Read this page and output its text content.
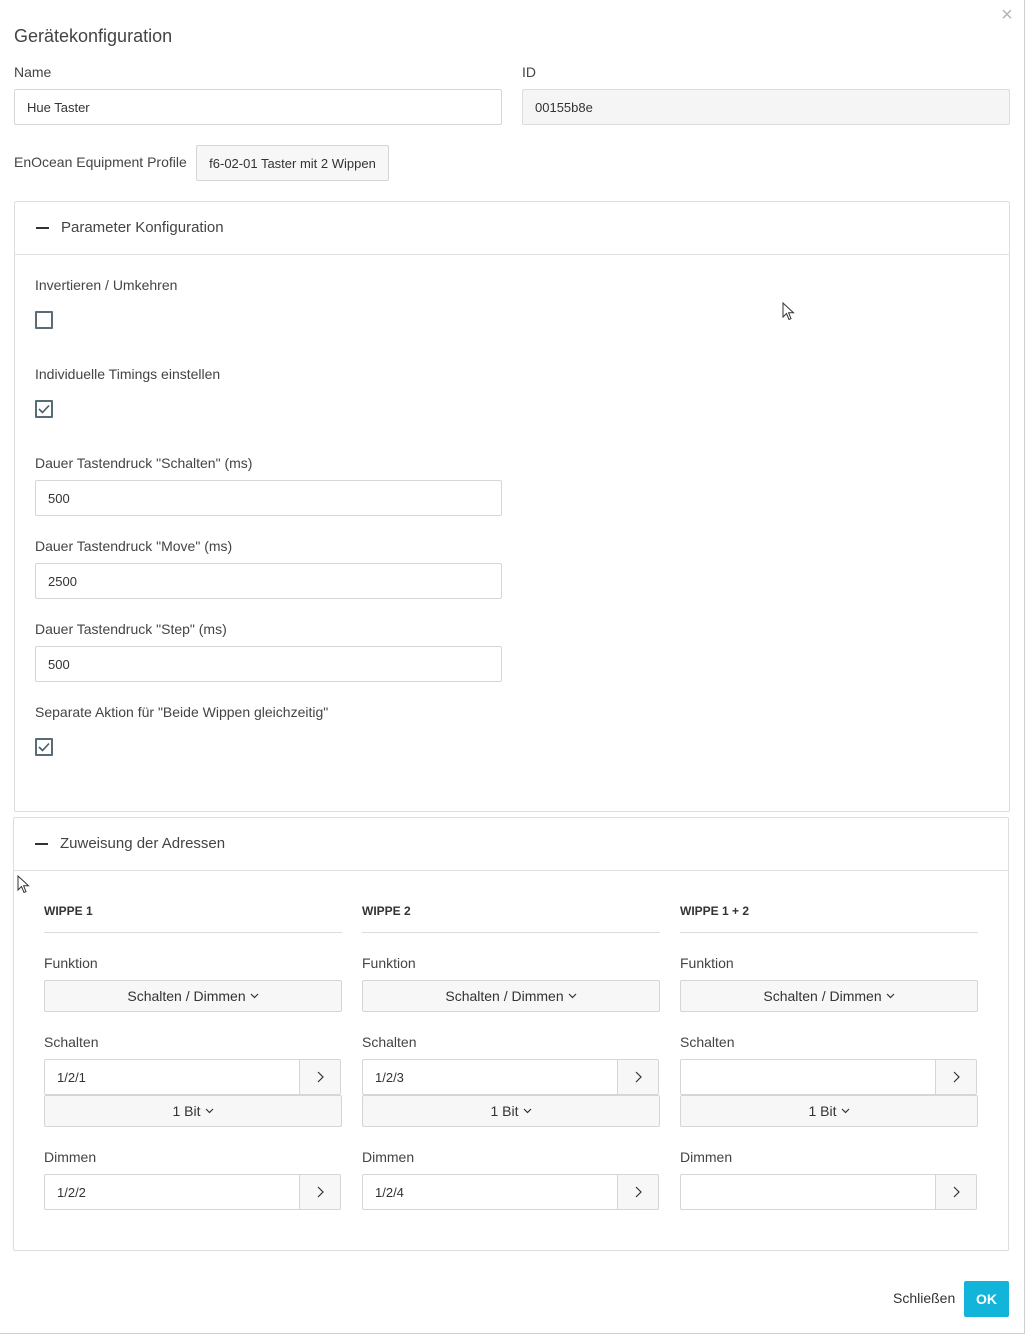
×
Gerätekonfiguration
Name
Hue Taster
ID
00155b8e
EnOcean Equipment Profile	f6-02-01 Taster mit 2 Wippen
Parameter Konfiguration
Invertieren / Umkehren
Individuelle Timings einstellen
Dauer Tastendruck "Schalten" (ms)
500
Dauer Tastendruck "Move" (ms)
2500
Dauer Tastendruck "Step" (ms)
500
Separate Aktion für "Beide Wippen gleichzeitig"
Zuweisung der Adressen
WIPPE 1
Funktion
Schalten / Dimmen
Schalten
1/2/1
1 Bit
Dimmen
1/2/2
WIPPE 2
Funktion
Schalten / Dimmen
Schalten
1/2/3
1 Bit
Dimmen
1/2/4
WIPPE 1 + 2
Funktion
Schalten / Dimmen
Schalten
1 Bit
Dimmen
Schließen	OK
